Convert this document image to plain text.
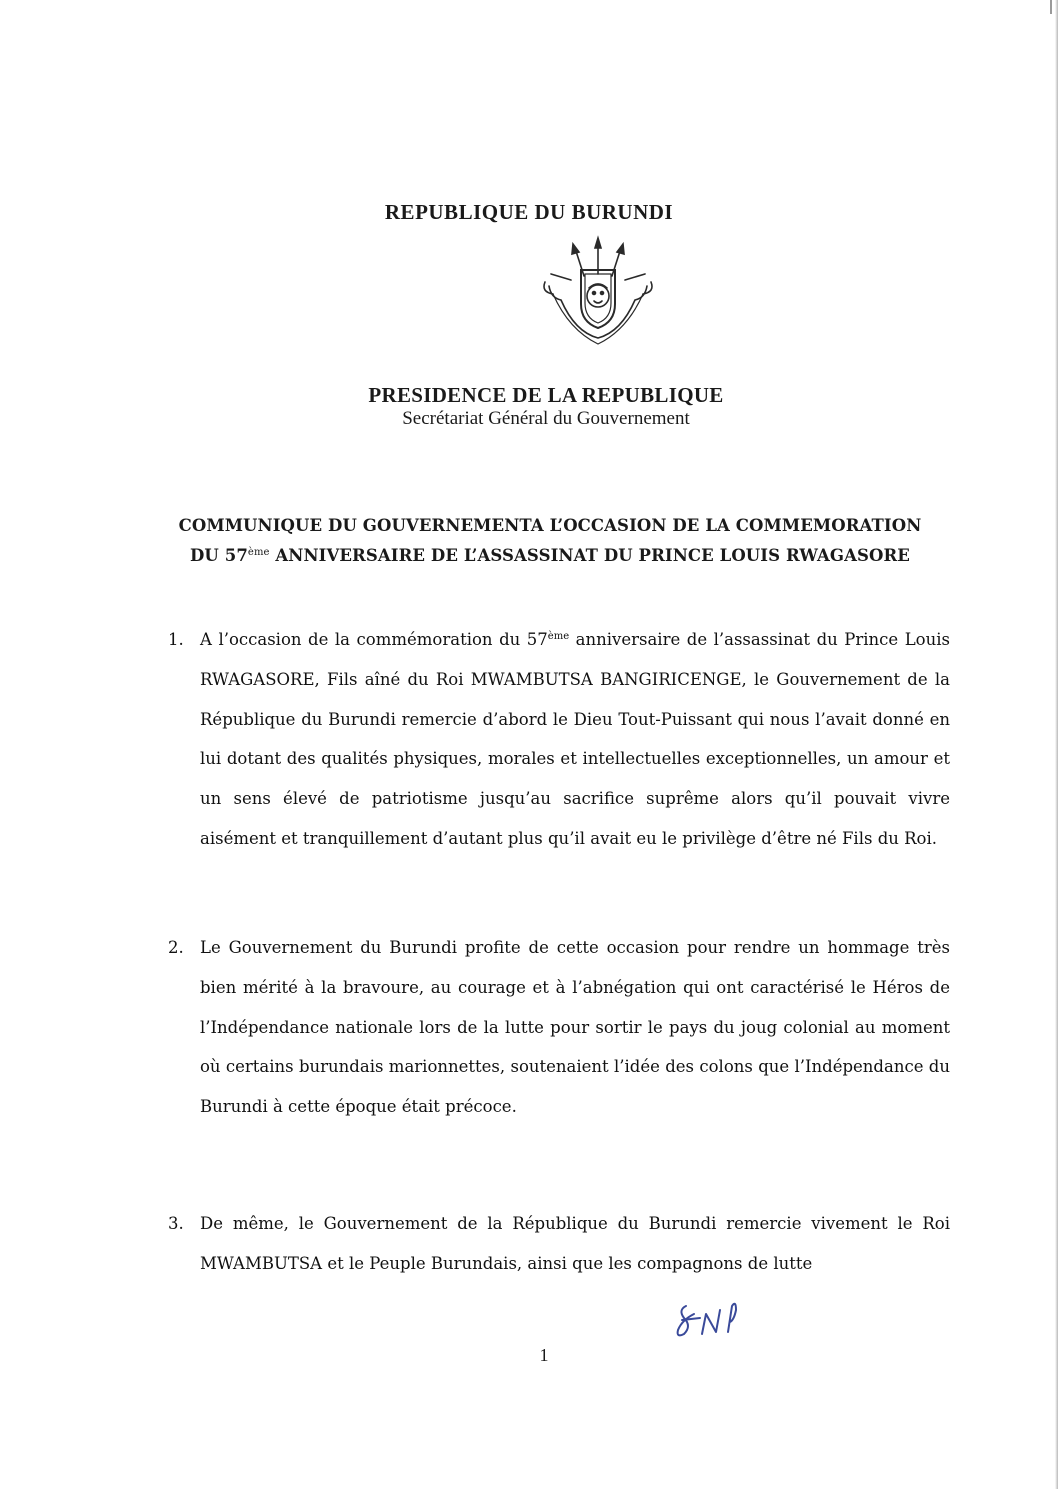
REPUBLIQUE DU BURUNDI
PRESIDENCE DE LA REPUBLIQUE
Secrétariat Général du Gouvernement
COMMUNIQUE DU GOUVERNEMENTA L’OCCASION DE LA COMMEMORATION
DU 57ème ANNIVERSAIRE DE L’ASSASSINAT DU PRINCE LOUIS RWAGASORE
1. A l’occasion de la commémoration du 57ème anniversaire de l’assassinat du Prince Louis RWAGASORE, Fils aîné du Roi MWAMBUTSA BANGIRICENGE, le Gouvernement de la République du Burundi remercie d’abord le Dieu Tout-Puissant qui nous l’avait donné en lui dotant des qualités physiques, morales et intellectuelles exceptionnelles, un amour et un sens élevé de patriotisme jusqu’au sacrifice suprême alors qu’il pouvait vivre aisément et tranquillement d’autant plus qu’il avait eu le privilège d’être né Fils du Roi.
2. Le Gouvernement du Burundi profite de cette occasion pour rendre un hommage très bien mérité à la bravoure, au courage et à l’abnégation qui ont caractérisé le Héros de l’Indépendance nationale lors de la lutte pour sortir le pays du joug colonial au moment où certains burundais marionnettes, soutenaient l’idée des colons que l’Indépendance du Burundi à cette époque était précoce.
3. De même, le Gouvernement de la République du Burundi remercie vivement le Roi MWAMBUTSA et le Peuple Burundais, ainsi que les compagnons de lutte
1
